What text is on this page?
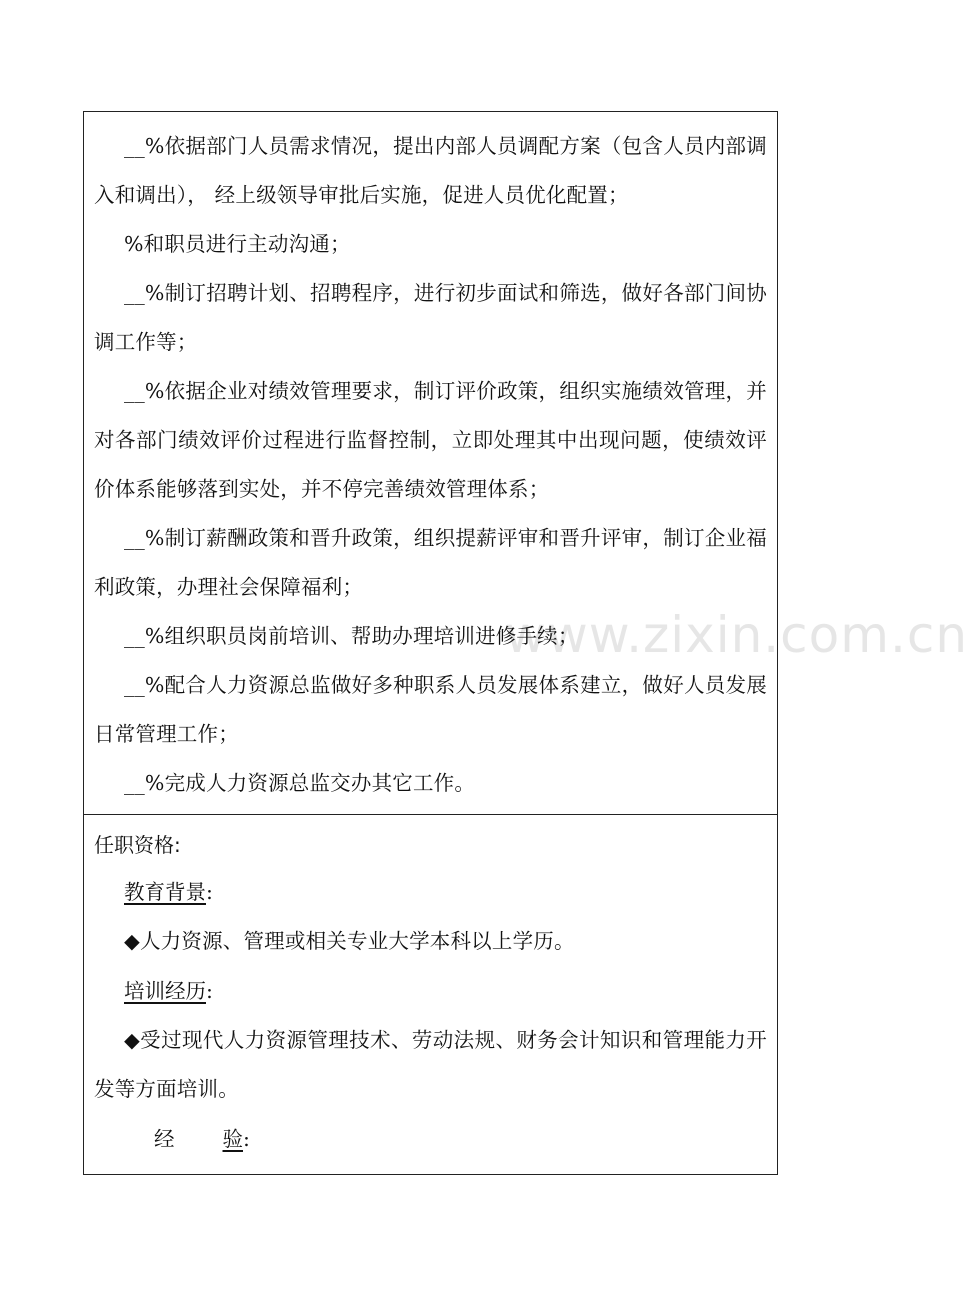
www.zixin.com.cn

__%依据部门人员需求情况，提出内部人员调配方案（包含人员内部调入和调出）， 经上级领导审批后实施，促进人员优化配置；

%和职员进行主动沟通；

__%制订招聘计划、招聘程序，进行初步面试和筛选，做好各部门间协调工作等；

__%依据企业对绩效管理要求，制订评价政策，组织实施绩效管理，并对各部门绩效评价过程进行监督控制，立即处理其中出现问题，使绩效评价体系能够落到实处，并不停完善绩效管理体系；

__%制订薪酬政策和晋升政策，组织提薪评审和晋升评审，制订企业福利政策，办理社会保障福利；

__%组织职员岗前培训、帮助办理培训进修手续；

__%配合人力资源总监做好多种职系人员发展体系建立，做好人员发展日常管理工作；

__%完成人力资源总监交办其它工作。

任职资格:

教育背景:

◆人力资源、管理或相关专业大学本科以上学历。

培训经历:

◆受过现代人力资源管理技术、劳动法规、财务会计知识和管理能力开发等方面培训。

经验:
